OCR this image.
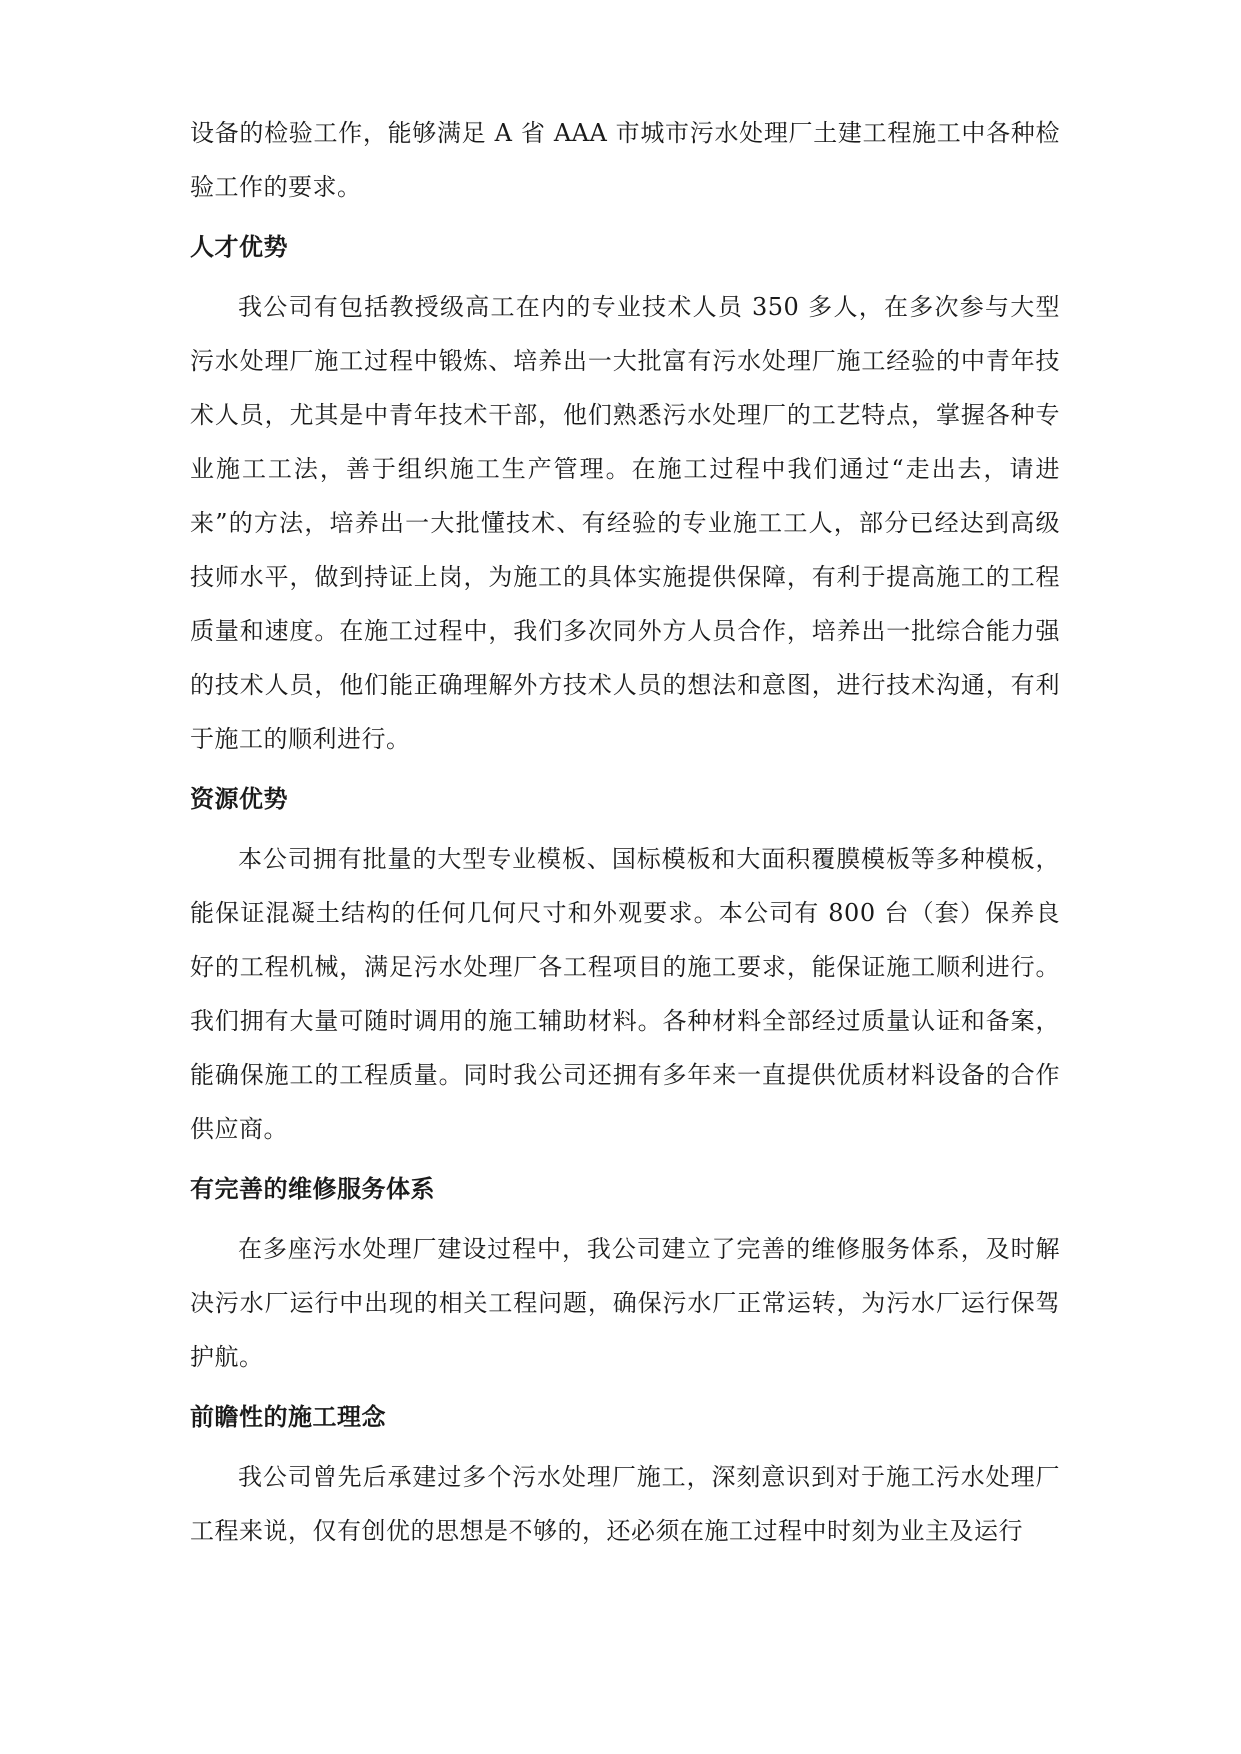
设备的检验工作，能够满足 A 省 AAA 市城市污水处理厂土建工程施工中各种检验工作的要求。

人才优势

我公司有包括教授级高工在内的专业技术人员 350 多人，在多次参与大型污水处理厂施工过程中锻炼、培养出一大批富有污水处理厂施工经验的中青年技术人员，尤其是中青年技术干部，他们熟悉污水处理厂的工艺特点，掌握各种专业施工工法，善于组织施工生产管理。在施工过程中我们通过“走出去，请进来”的方法，培养出一大批懂技术、有经验的专业施工工人，部分已经达到高级技师水平，做到持证上岗，为施工的具体实施提供保障，有利于提高施工的工程质量和速度。在施工过程中，我们多次同外方人员合作，培养出一批综合能力强的技术人员，他们能正确理解外方技术人员的想法和意图，进行技术沟通，有利于施工的顺利进行。

资源优势

本公司拥有批量的大型专业模板、国标模板和大面积覆膜模板等多种模板，能保证混凝土结构的任何几何尺寸和外观要求。本公司有 800 台（套）保养良好的工程机械，满足污水处理厂各工程项目的施工要求，能保证施工顺利进行。我们拥有大量可随时调用的施工辅助材料。各种材料全部经过质量认证和备案，能确保施工的工程质量。同时我公司还拥有多年来一直提供优质材料设备的合作供应商。

有完善的维修服务体系

在多座污水处理厂建设过程中，我公司建立了完善的维修服务体系，及时解决污水厂运行中出现的相关工程问题，确保污水厂正常运转，为污水厂运行保驾护航。

前瞻性的施工理念

我公司曾先后承建过多个污水处理厂施工，深刻意识到对于施工污水处理厂工程来说，仅有创优的思想是不够的，还必须在施工过程中时刻为业主及运行
